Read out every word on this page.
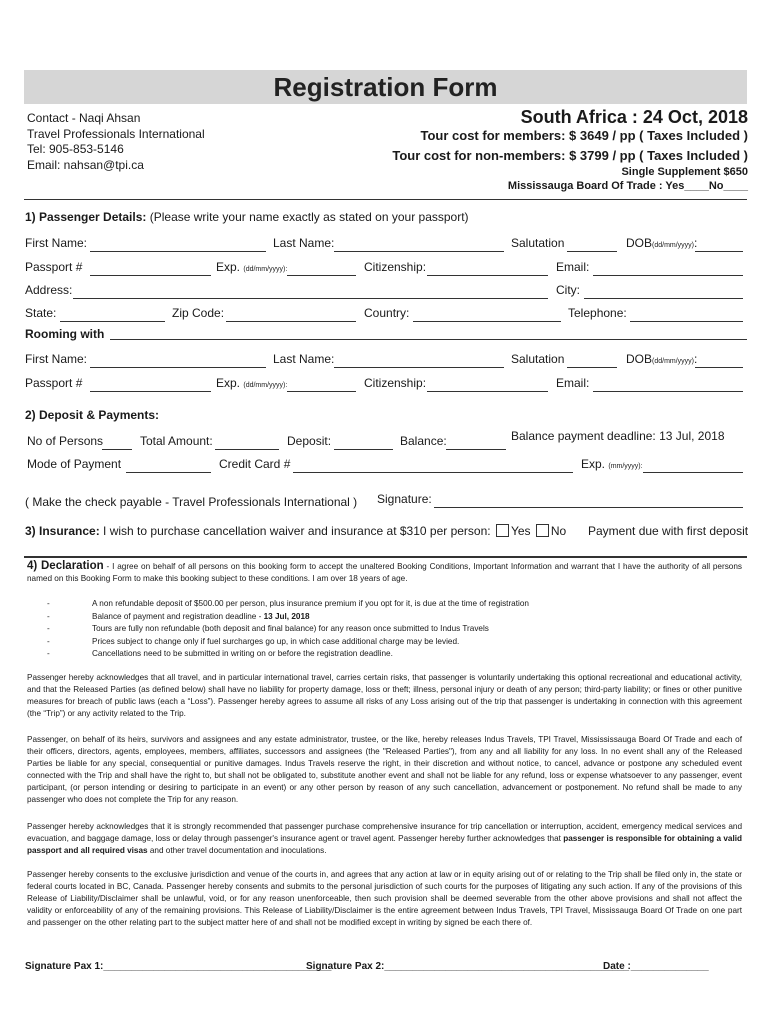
Registration Form
Contact - Naqi Ahsan
Travel Professionals International
Tel: 905-853-5146
Email: nahsan@tpi.ca
South Africa : 24 Oct, 2018
Tour cost for members: $ 3649 / pp ( Taxes Included )
Tour cost for non-members: $ 3799 / pp ( Taxes Included )
Single Supplement $650
Mississauga Board Of Trade : Yes____No____
1) Passenger Details: (Please write your name exactly as stated on your passport)
First Name:	Last Name:	Salutation	DOB(dd/mm/yyyy):
Passport #	Exp. (dd/mm/yyyy):	Citizenship:	Email:
Address:	City:
State:	Zip Code:	Country:	Telephone:
Rooming with
First Name:	Last Name:	Salutation	DOB(dd/mm/yyyy):
Passport #	Exp. (dd/mm/yyyy):	Citizenship:	Email:
2) Deposit & Payments:
No of Persons	Total Amount:	Deposit:	Balance:	Balance payment deadline: 13 Jul, 2018
Mode of Payment	Credit Card #	Exp. (mm/yyyy):
( Make the check payable - Travel Professionals International ) Signature:
3) Insurance: I wish to purchase cancellation waiver and insurance at $310 per person: Yes No Payment due with first deposit
4) Declaration - I agree on behalf of all persons on this booking form to accept the unaltered Booking Conditions, Important Information and warrant that I have the authority of all persons named on this Booking Form to make this booking subject to these conditions. I am over 18 years of age.
-	A non refundable deposit of $500.00 per person, plus insurance premium if you opt for it, is due at the time of registration
-	Balance of payment and registration deadline - 13 Jul, 2018
-	Tours are fully non refundable (both deposit and final balance) for any reason once submitted to Indus Travels
-	Prices subject to change only if fuel surcharges go up, in which case additional charge may be levied.
-	Cancellations need to be submitted in writing on or before the registration deadline.
Passenger hereby acknowledges that all travel, and in particular international travel, carries certain risks, that passenger is voluntarily undertaking this optional recreational and educational activity, and that the Released Parties (as defined below) shall have no liability for property damage, loss or theft; illness, personal injury or death of any person; third-party liability; or fines or other punitive measures for breach of public laws (each a “Loss”). Passenger hereby agrees to assume all risks of any Loss arising out of the trip that passenger is undertaking in connection with this agreement (the “Trip”) or any activity related to the Trip.
Passenger, on behalf of its heirs, survivors and assignees and any estate administrator, trustee, or the like, hereby releases Indus Travels, TPI Travel, Missississauga Board Of Trade and each of their officers, directors, agents, employees, members, affiliates, successors and assignees (the "Released Parties"), from any and all liability for any loss. In no event shall any of the Released Parties be liable for any special, consequential or punitive damages. Indus Travels reserve the right, in their discretion and without notice, to cancel, advance or postpone any scheduled event connected with the Trip and shall have the right to, but shall not be obligated to, substitute another event and shall not be liable for any refund, loss or expense whatsoever to any passenger, event participant, (or person intending or desiring to participate in an event) or any other person by reason of any such cancellation, advancement or postponement. No refund shall be made to any passenger who does not complete the Trip for any reason.
Passenger hereby acknowledges that it is strongly recommended that passenger purchase comprehensive insurance for trip cancellation or interruption, accident, emergency medical services and evacuation, and baggage damage, loss or delay through passenger's insurance agent or travel agent. Passenger hereby further acknowledges that passenger is responsible for obtaining a valid passport and all required visas and other travel documentation and inoculations.
Passenger hereby consents to the exclusive jurisdiction and venue of the courts in, and agrees that any action at law or in equity arising out of or relating to the Trip shall be filed only in, the state or federal courts located in BC, Canada. Passenger hereby consents and submits to the personal jurisdiction of such courts for the purposes of litigating any such action. If any of the provisions of this Release of Liability/Disclaimer shall be unlawful, void, or for any reason unenforceable, then such provision shall be deemed severable from the other above provisions and shall not affect the validity or enforceability of any of the remaining provisions. This Release of Liability/Disclaimer is the entire agreement between Indus Travels, TPI Travel, Mississauga Board Of Trade on one part and passenger on the other relating part to the subject matter here of and shall not be modified except in writing by signed be each there of.
Signature Pax 1:_________________________________________
Signature Pax 2:____________________________________________
Date :______________
